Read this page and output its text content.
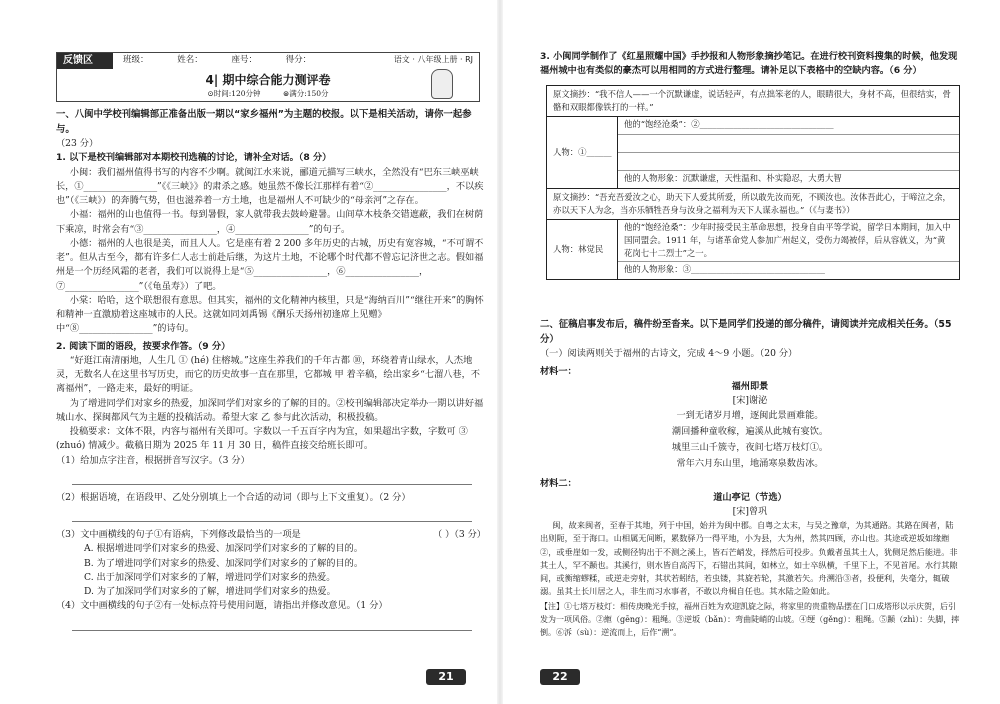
反馈区	班级：	姓名：	座号：	得分：	语文 · 八年级上册 · RJ
4| 期中综合能力测评卷
⊙时间:120分钟 ⊜满分:150分

一、八闽中学校刊编辑部正准备出版一期以“家乡福州”为主题的校报。以下是相关活动，请你一起参与。

（23 分）

1. 以下是校刊编辑部对本期校刊选稿的讨论，请补全对话。（8 分）

小闽：我们福州值得书写的内容不少啊。就闽江水来说，郦道元描写三峡水，全然没有“巴东三峡巫峡长，①________________”《《三峡》》的肃杀之感。她虽然不像长江那样有着“②________________，不以疾也”（《三峡》）的奔腾气势，但也滋养着一方土地，也是福州人不可缺少的“母亲河”之存在。

小福：福州的山也值得一书。每到暑假，家人就带我去鼓岭避暑。山间草木枝条交错遮蔽，我们在树荫下乘凉，时常会有“③________________，④________________”的句子。

小德：福州的人也很是美，而且人人。它是座有着 2 200 多年历史的古城，历史有宽容城，“不可谓不老”。但从古至今，都有许多仁人志士前赴后继，为这片土地，不论哪个时代都不曾忘记济世之志。假如福州是一个历经风霜的老者，我们可以说得上是“⑤________________，⑥________________，⑦________________”（《龟虽寿》）了吧。

小棠：哈哈，这个联想很有意思。但其实，福州的文化精神内核里，只是“海纳百川”“继往开来”的胸怀和精神一直激励着这座城市的人民。这就如同刘禹锡《酬乐天扬州初逢席上见赠》中“⑧________________”的诗句。

2. 阅读下面的语段，按要求作答。（9 分）

“好逛江南清丽地，人生几 ① (hé) 住榕城。”这座生养我们的千年古都 ⑩，环绕着青山绿水，人杰地灵，无数名人在这里书写历史，而它的历史故事一直在那里，它都城 甲 着辛稿，绘出家乡“七溜八巷，不离福州”，一路走来，最好的明证。

为了增进同学们对家乡的热爱，加深同学们对家乡的了解的目的。②校刊编辑部决定举办一期以讲好福城山水、探闽都风气为主题的投稿活动。希望大家 乙 参与此次活动，积极投稿。

投稿要求：文体不限，内容与福州有关即可。字数以一千五百字内为宜，如果超出字数，字数可 ③ (zhuó) 情减少。截稿日期为 2025 年 11 月 30 日，稿件直接交给班长即可。

（1）给加点字注音，根据拼音写汉字。（3 分）

（2）根据语境，在语段甲、乙处分别填上一个合适的动词（即与上下文重复）。（2 分）

（3）文中画横线的句子①有语病，下列修改最恰当的一项是	（ ）（3 分）

A. 根据增进同学们对家乡的热爱、加深同学们对家乡的了解的目的。

B. 为了增进同学们对家乡的热爱、加深同学们对家乡的了解的目的。

C. 出于加深同学们对家乡的了解，增进同学们对家乡的热爱。

D. 为了加深同学们对家乡的了解，增进同学们对家乡的热爱。

（4）文中画横线的句子②有一处标点符号使用问题，请指出并修改意见。（1 分）

21

3. 小闽同学制作了《红星照耀中国》手抄报和人物形象摘抄笔记。在进行校刊资料搜集的时候，他发现福州城中也有类似的豪杰可以用相同的方式进行整理。请补足以下表格中的空缺内容。（6 分）

原文摘抄：“我不信人——一个沉默谦虚，说话轻声，有点拙笨老的人，眼睛很大，身材不高，但很结实，骨骼和双眼都像铁打的一样。”
人物：①______
他的“饱经沧桑”：②________________________________
他的人物形象：沉默谦虚，天性温和、朴实隐忍，大勇大智
原文摘抄：“吾充吾爱汝之心，助天下人爱其所爱，所以敢先汝而死，不顾汝也。汝体吾此心，于啼泣之余，亦以天下人为念，当亦乐牺牲吾身与汝身之福利为天下人谋永福也。”（《与妻书》）
人物：林觉民
他的“饱经沧桑”：少年时接受民主革命思想，投身自由平等学说，留学日本期间，加入中国同盟会。1911 年，与诸革命党人参加广州起义，受伤力竭被俘，后从容就义，为“黄花岗七十二烈士”之一。
他的人物形象：③________________________________

二、征稿启事发布后，稿件纷至沓来。以下是同学们投递的部分稿件，请阅读并完成相关任务。（55 分）

（一）阅读两则关于福州的古诗文，完成 4～9 小题。（20 分）

材料一：

福州即景

[宋]谢泌

一到无诸岁月增，逐闽此景画难能。

潮回播种童收稼，遍溪从此城有宴饮。

城里三山千簇寺，夜间七塔万枝灯①。

常年六月东山里，地涌寒泉数齿冰。

材料二：

道山亭记（节选）

[宋]曾巩

闽，故来闽者，至春于其地，列于中国，始并为闽中郡。自粤之太末，与吴之豫章，为其通路。其路在闽者，陆出则阨，至于海口。山相属无间断，累数驿乃一得平地，小为县，大为州，然其四顾，亦山也。其途或逆坂如缘縆②，或垂崖如一发，或侧径钩出于不测之溪上，皆石芒峭发，择然后可投步。负戴者虽其土人，犹侧足然后能进。非其土人，罕不踬也。其溪行，则水皆自高泻下，石错出其间，如林立，如士卒纵横，千里下上，不见首尾。水行其隙间，或衡缩蟉糅，或逆走旁射，其状若蚓结，若虫镂，其旋若轮，其激若矢。舟溯沿③者，投便利，失毫分，辄破溺。虽其土长川居之人，非生而习水事者，不敢以舟楫自任也。其水陆之险如此。

【注】①七塔万枝灯：相传庚晚光手掠，福州百姓为欢迎凯旋之际，将家里的贵重物品摆在门口成塔形以示庆贺，后引发为一项风俗。②縆（gēng）：粗绳。③逆坂（bǎn）：弯曲陡峭的山坡。④绠（gěng）：粗绳。⑤踬（zhì）：失脚，摔倒。⑥泝（sù）：逆流而上，后作“溯”。

22
